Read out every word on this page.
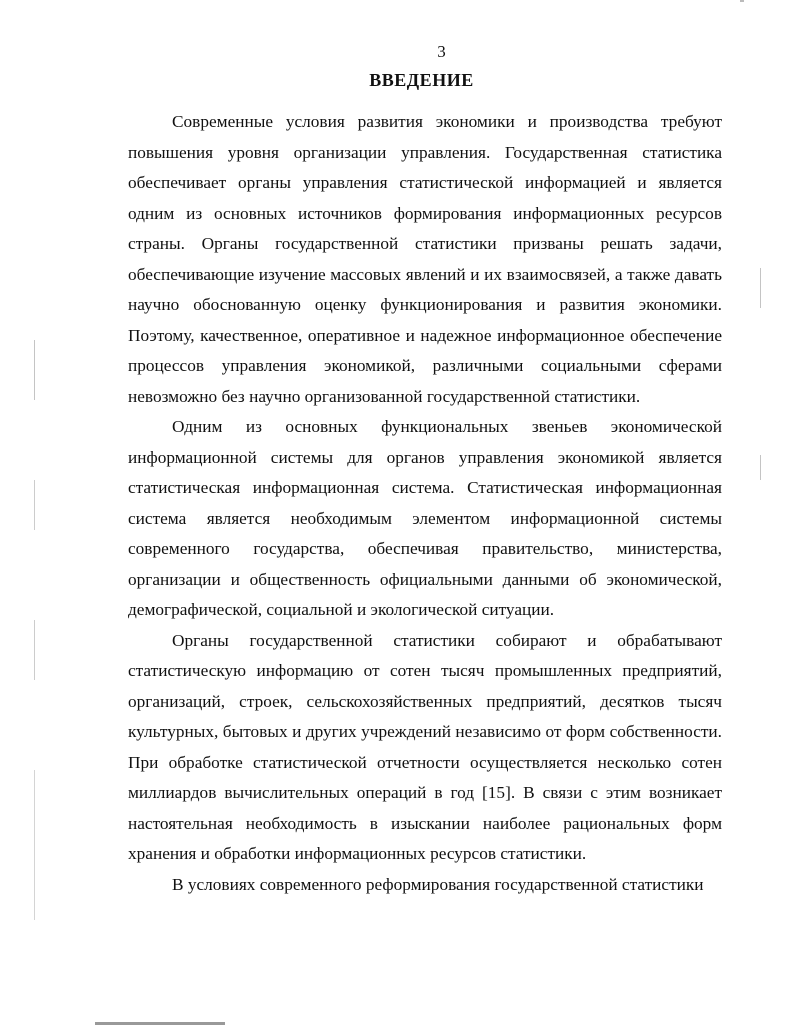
3
ВВЕДЕНИЕ

Современные условия развития экономики и производства требуют повышения уровня организации управления. Государственная статистика обеспечивает органы управления статистической информацией и является одним из основных источников формирования информационных ресурсов страны. Органы государственной статистики призваны решать задачи, обеспечивающие изучение массовых явлений и их взаимосвязей, а также давать научно обоснованную оценку функционирования и развития экономики. Поэтому, качественное, оперативное и надежное информационное обеспечение процессов управления экономикой, различными социальными сферами невозможно без научно организованной государственной статистики.

Одним из основных функциональных звеньев экономической информационной системы для органов управления экономикой является статистическая информационная система. Статистическая информационная система является необходимым элементом информационной системы современного государства, обеспечивая правительство, министерства, организации и общественность официальными данными об экономической, демографической, социальной и экологической ситуации.

Органы государственной статистики собирают и обрабатывают статистическую информацию от сотен тысяч промышленных предприятий, организаций, строек, сельскохозяйственных предприятий, десятков тысяч культурных, бытовых и других учреждений независимо от форм собственности. При обработке статистической отчетности осуществляется несколько сотен миллиардов вычислительных операций в год [15]. В связи с этим возникает настоятельная необходимость в изыскании наиболее рациональных форм хранения и обработки информационных ресурсов статистики.

В условиях современного реформирования государственной статистики
